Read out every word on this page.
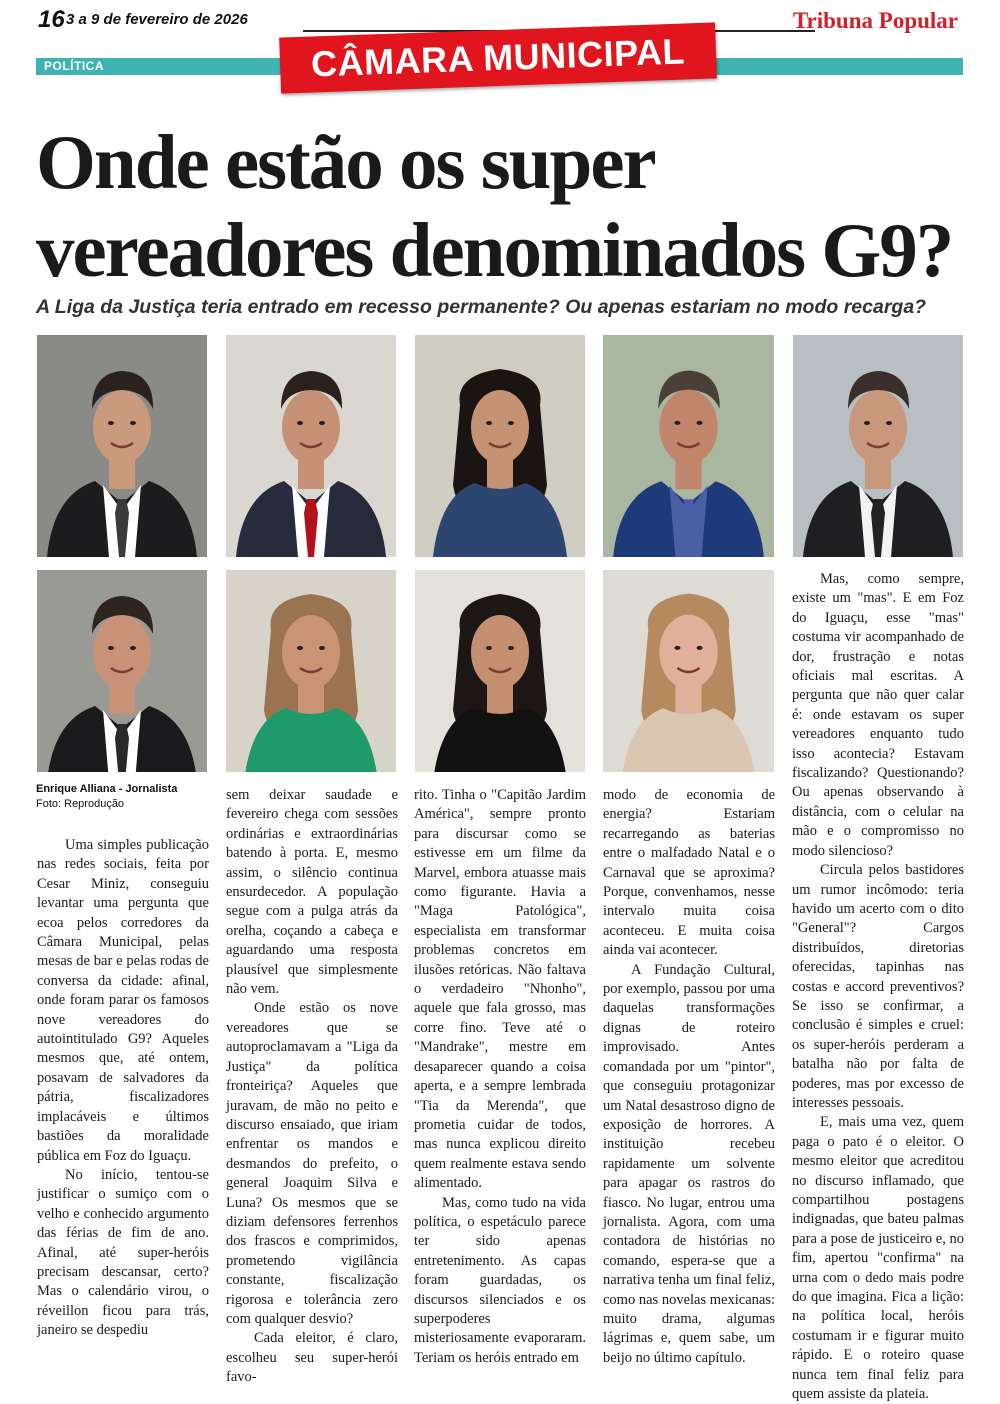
16 3 a 9 de fevereiro de 2026	Tribuna Popular
POLÍTICA	CÂMARA MUNICIPAL
Onde estão os super
vereadores denominados G9?
A Liga da Justiça teria entrado em recesso permanente? Ou apenas estariam no modo recarga?
Enrique Alliana - Jornalista
Foto: Reprodução

Uma simples publicação nas redes sociais, feita por Cesar Miniz, conseguiu levantar uma pergunta que ecoa pelos corredores da Câmara Municipal, pelas mesas de bar e pelas rodas de conversa da cidade: afinal, onde foram parar os famosos nove vereadores do autointitulado G9? Aqueles mesmos que, até ontem, posavam de salvadores da pátria, fiscalizadores implacáveis e últimos bastiões da moralidade pública em Foz do Iguaçu.

No início, tentou-se justificar o sumiço com o velho e conhecido argumento das férias de fim de ano. Afinal, até super-heróis precisam descansar, certo? Mas o calendário virou, o réveillon ficou para trás, janeiro se despediu

sem deixar saudade e fevereiro chega com sessões ordinárias e extraordinárias batendo à porta. E, mesmo assim, o silêncio continua ensurdecedor. A população segue com a pulga atrás da orelha, coçando a cabeça e aguardando uma resposta plausível que simplesmente não vem.

Onde estão os nove vereadores que se autoproclamavam a "Liga da Justiça" da política fronteiriça? Aqueles que juravam, de mão no peito e discurso ensaiado, que iriam enfrentar os mandos e desmandos do prefeito, o general Joaquim Silva e Luna? Os mesmos que se diziam defensores ferrenhos dos frascos e comprimidos, prometendo vigilância constante, fiscalização rigorosa e tolerância zero com qualquer desvio?

Cada eleitor, é claro, escolheu seu super-herói favo-

rito. Tinha o "Capitão Jardim América", sempre pronto para discursar como se estivesse em um filme da Marvel, embora atuasse mais como figurante. Havia a "Maga Patológica", especialista em transformar problemas concretos em ilusões retóricas. Não faltava o verdadeiro "Nhonho", aquele que fala grosso, mas corre fino. Teve até o "Mandrake", mestre em desaparecer quando a coisa aperta, e a sempre lembrada "Tia da Merenda", que prometia cuidar de todos, mas nunca explicou direito quem realmente estava sendo alimentado.

Mas, como tudo na vida política, o espetáculo parece ter sido apenas entretenimento. As capas foram guardadas, os discursos silenciados e os superpoderes misteriosamente evaporaram. Teriam os heróis entrado em

modo de economia de energia? Estariam recarregando as baterias entre o malfadado Natal e o Carnaval que se aproxima? Porque, convenhamos, nesse intervalo muita coisa aconteceu. E muita coisa ainda vai acontecer.

A Fundação Cultural, por exemplo, passou por uma daquelas transformações dignas de roteiro improvisado. Antes comandada por um "pintor", que conseguiu protagonizar um Natal desastroso digno de exposição de horrores. A instituição recebeu rapidamente um solvente para apagar os rastros do fiasco. No lugar, entrou uma jornalista. Agora, com uma contadora de histórias no comando, espera-se que a narrativa tenha um final feliz, como nas novelas mexicanas: muito drama, algumas lágrimas e, quem sabe, um beijo no último capítulo.

Mas, como sempre, existe um "mas". E em Foz do Iguaçu, esse "mas" costuma vir acompanhado de dor, frustração e notas oficiais mal escritas. A pergunta que não quer calar é: onde estavam os super vereadores enquanto tudo isso acontecia? Estavam fiscalizando? Questionando? Ou apenas observando à distância, com o celular na mão e o compromisso no modo silencioso?

Circula pelos bastidores um rumor incômodo: teria havido um acerto com o dito "General"? Cargos distribuídos, diretorias oferecidas, tapinhas nas costas e accord preventivos? Se isso se confirmar, a conclusão é simples e cruel: os super-heróis perderam a batalha não por falta de poderes, mas por excesso de interesses pessoais.

E, mais uma vez, quem paga o pato é o eleitor. O mesmo eleitor que acreditou no discurso inflamado, que compartilhou postagens indignadas, que bateu palmas para a pose de justiceiro e, no fim, apertou "confirma" na urna com o dedo mais podre do que imagina. Fica a lição: na política local, heróis costumam ir e figurar muito rápido. E o roteiro quase nunca tem final feliz para quem assiste da plateia.
